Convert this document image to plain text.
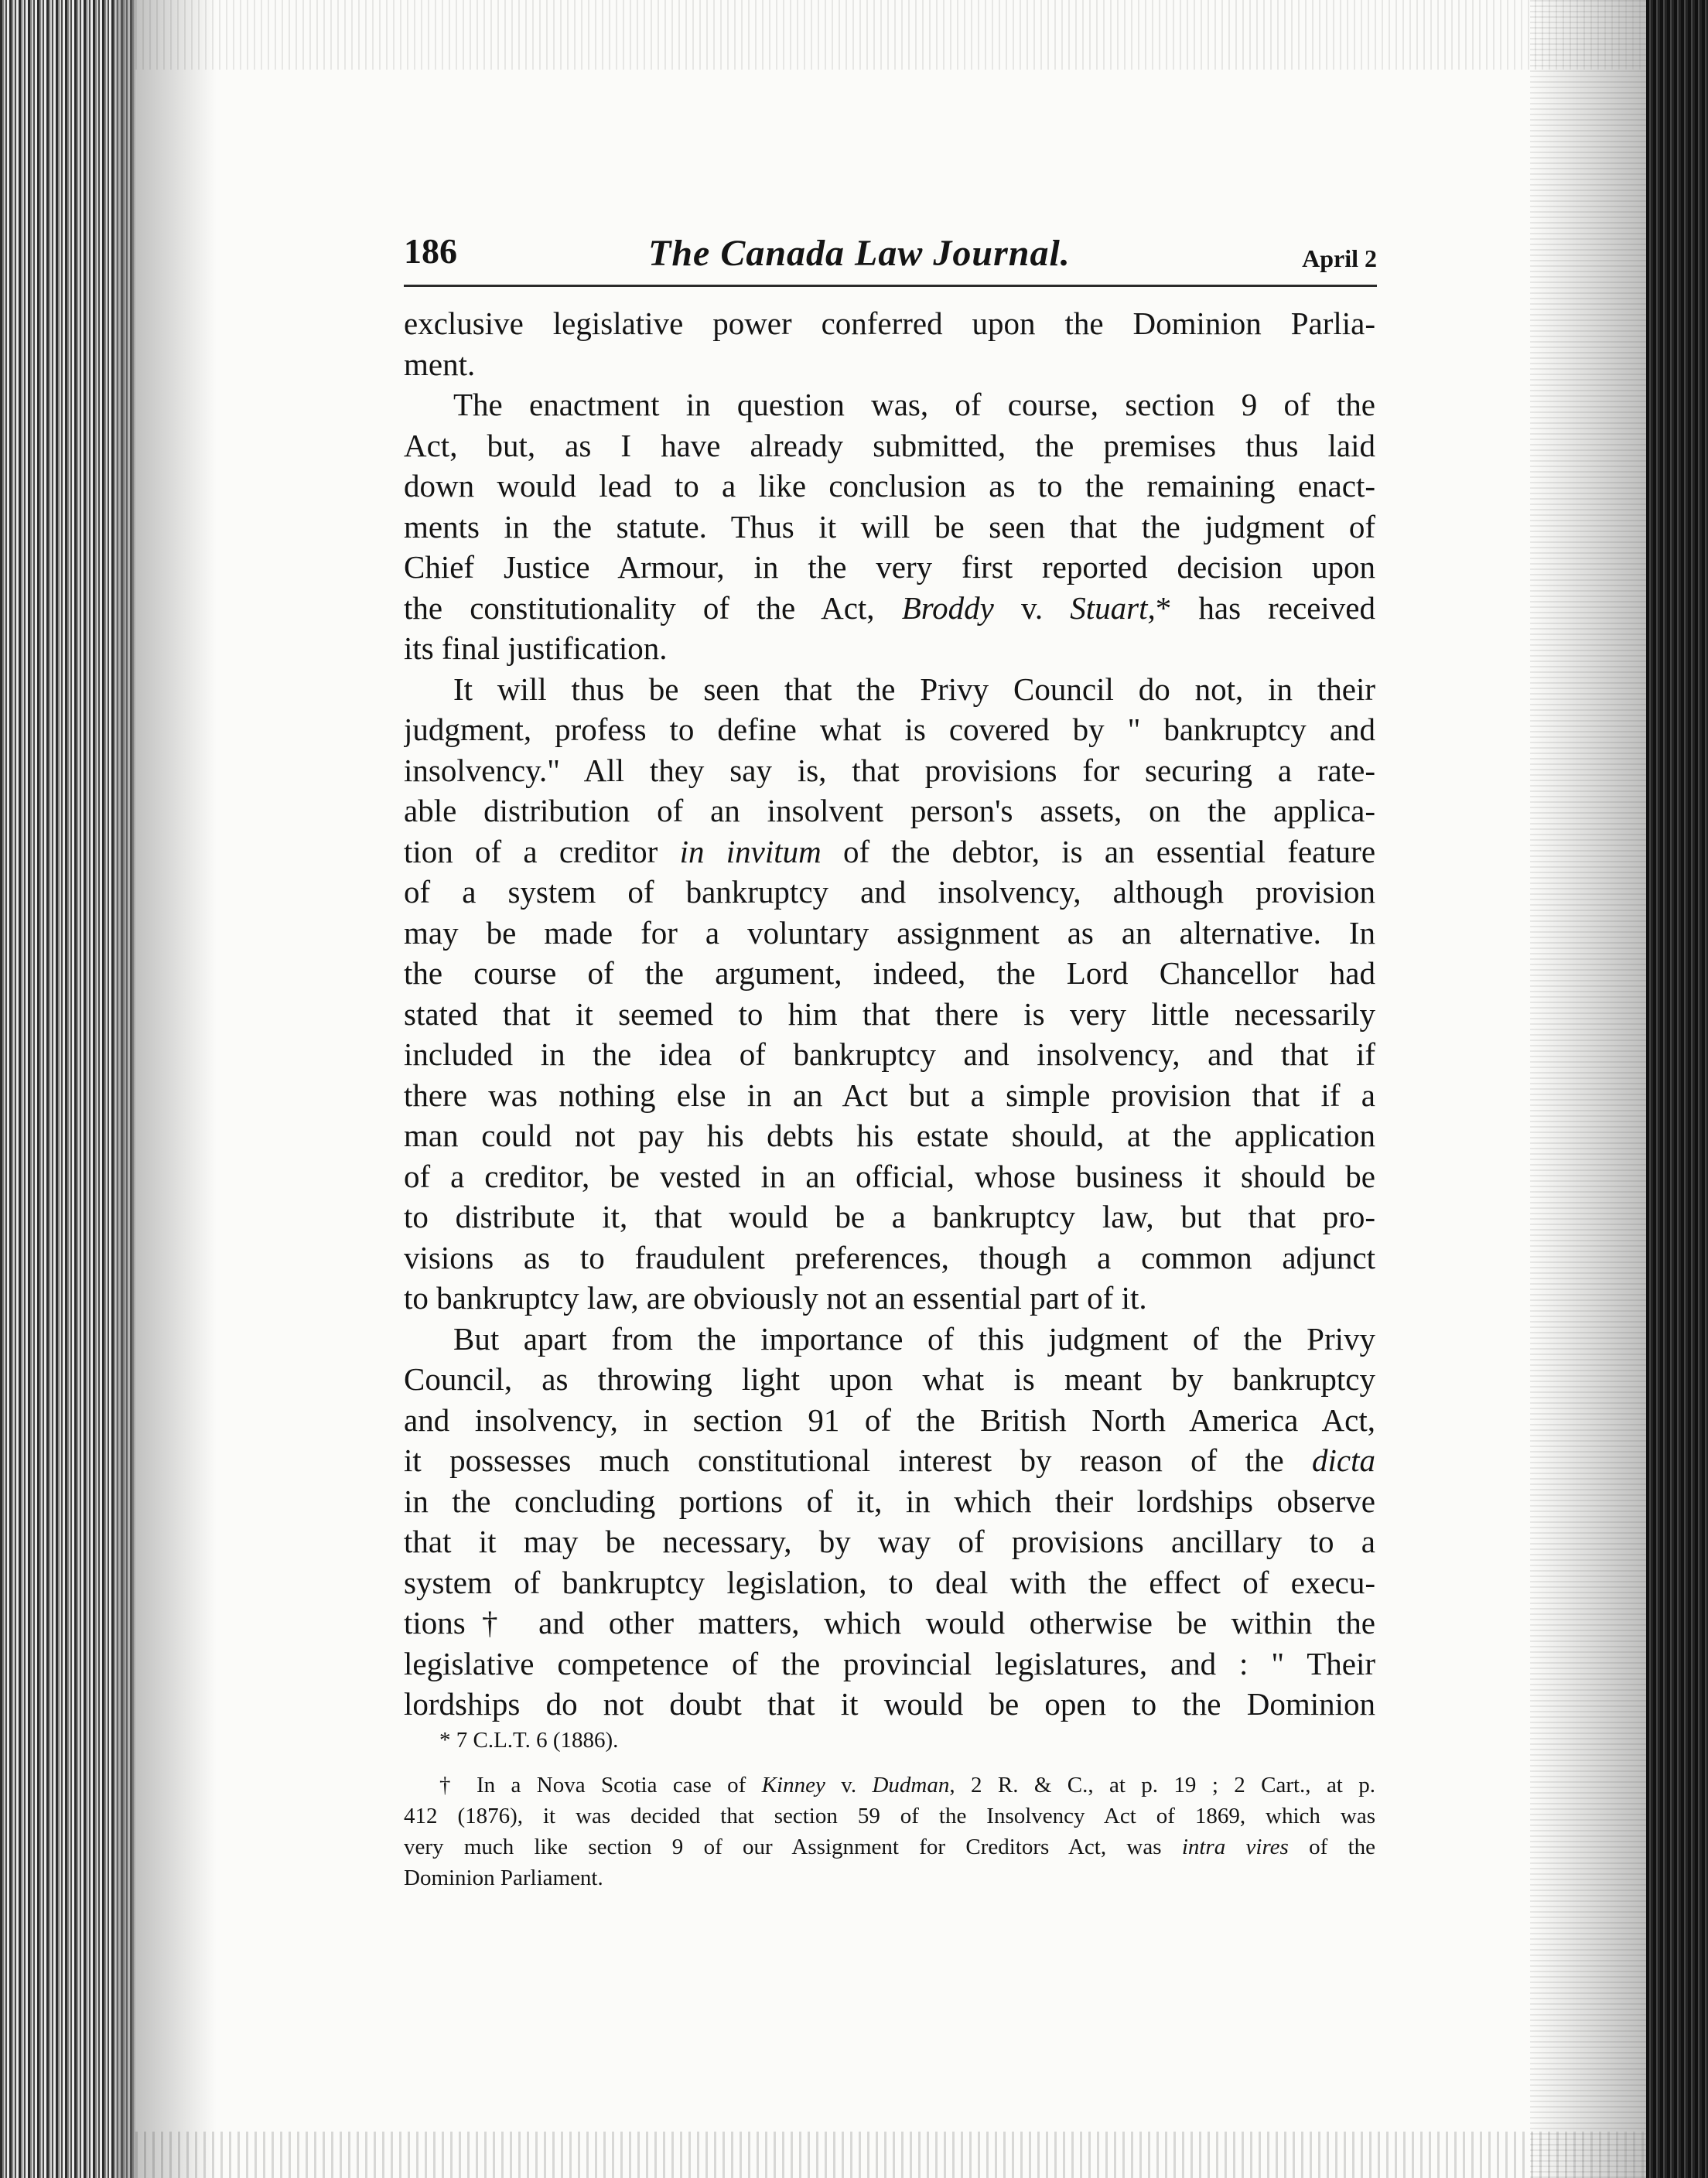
186	The Canada Law Journal.	April 2
exclusive legislative power conferred upon the Dominion Parlia-
ment.
The enactment in question was, of course, section 9 of the
Act, but, as I have already submitted, the premises thus laid
down would lead to a like conclusion as to the remaining enact-
ments in the statute. Thus it will be seen that the judgment of
Chief Justice Armour, in the very first reported decision upon
the constitutionality of the Act, Broddy v. Stuart,* has received
its final justification.
It will thus be seen that the Privy Council do not, in their
judgment, profess to define what is covered by " bankruptcy and
insolvency." All they say is, that provisions for securing a rate-
able distribution of an insolvent person's assets, on the applica-
tion of a creditor in invitum of the debtor, is an essential feature
of a system of bankruptcy and insolvency, although provision
may be made for a voluntary assignment as an alternative. In
the course of the argument, indeed, the Lord Chancellor had
stated that it seemed to him that there is very little necessarily
included in the idea of bankruptcy and insolvency, and that if
there was nothing else in an Act but a simple provision that if a
man could not pay his debts his estate should, at the application
of a creditor, be vested in an official, whose business it should be
to distribute it, that would be a bankruptcy law, but that pro-
visions as to fraudulent preferences, though a common adjunct
to bankruptcy law, are obviously not an essential part of it.
But apart from the importance of this judgment of the Privy
Council, as throwing light upon what is meant by bankruptcy
and insolvency, in section 91 of the British North America Act,
it possesses much constitutional interest by reason of the dicta
in the concluding portions of it, in which their lordships observe
that it may be necessary, by way of provisions ancillary to a
system of bankruptcy legislation, to deal with the effect of execu-
tions† and other matters, which would otherwise be within the
legislative competence of the provincial legislatures, and : " Their
lordships do not doubt that it would be open to the Dominion
* 7 C.L.T. 6 (1886).
† In a Nova Scotia case of Kinney v. Dudman, 2 R. & C., at p. 19 ; 2 Cart., at p.
412 (1876), it was decided that section 59 of the Insolvency Act of 1869, which was
very much like section 9 of our Assignment for Creditors Act, was intra vires of the
Dominion Parliament.
